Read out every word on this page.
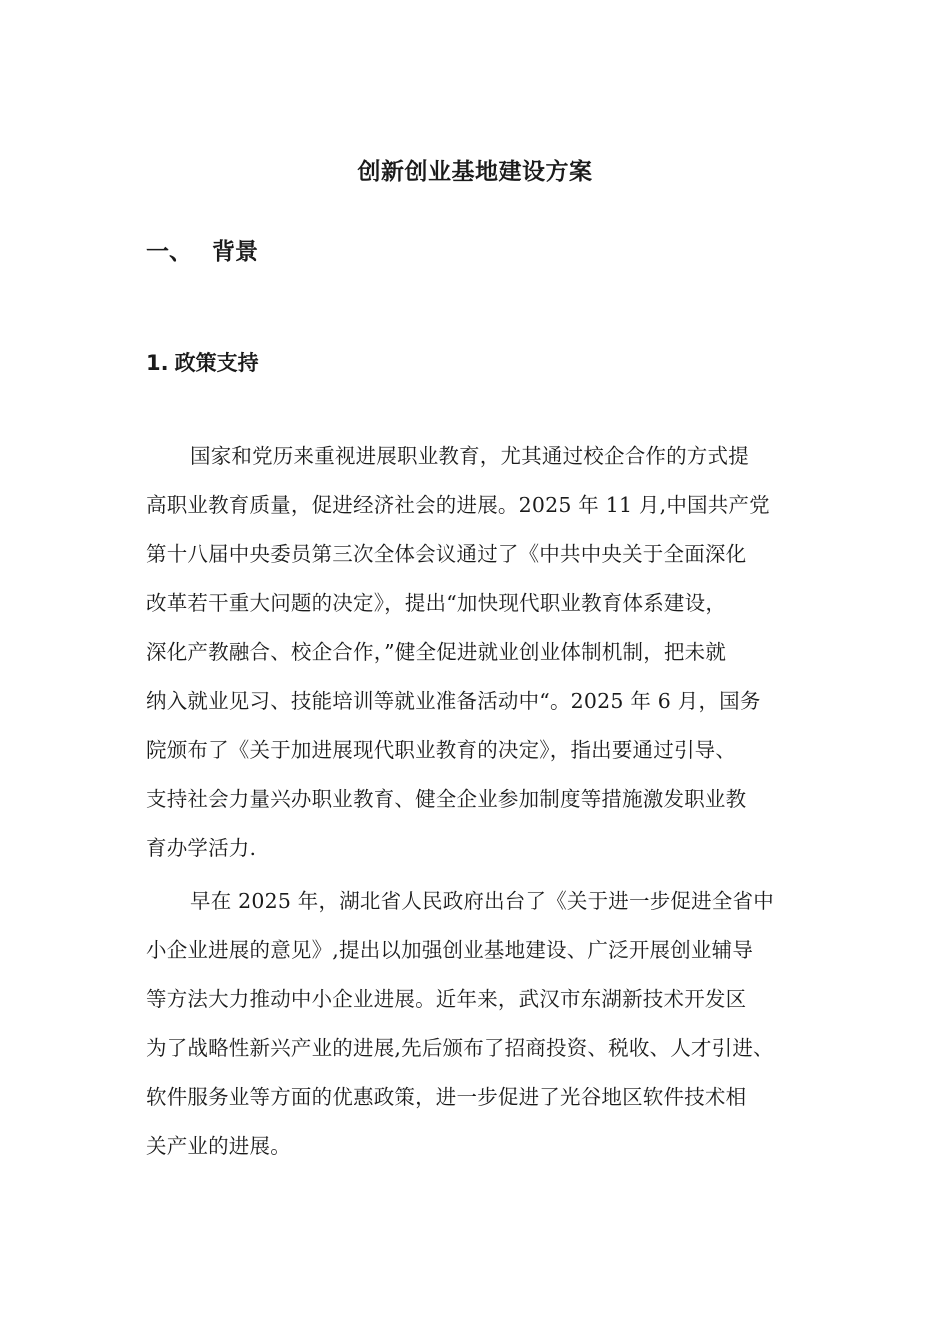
创新创业基地建设方案
一、 背景
1. 政策支持
国家和党历来重视进展职业教育，尤其通过校企合作的方式提
高职业教育质量，促进经济社会的进展。2025 年 11 月,中国共产党
第十八届中央委员第三次全体会议通过了《中共中央关于全面深化
改革若干重大问题的决定》，提出“加快现代职业教育体系建设，
深化产教融合、校企合作，”健全促进就业创业体制机制，把未就
纳入就业见习、技能培训等就业准备活动中“。2025 年 6 月，国务
院颁布了《关于加进展现代职业教育的决定》，指出要通过引导、
支持社会力量兴办职业教育、健全企业参加制度等措施激发职业教
育办学活力.
早在 2025 年，湖北省人民政府出台了《关于进一步促进全省中
小企业进展的意见》,提出以加强创业基地建设、广泛开展创业辅导
等方法大力推动中小企业进展。近年来，武汉市东湖新技术开发区
为了战略性新兴产业的进展,先后颁布了招商投资、税收、人才引进、
软件服务业等方面的优惠政策，进一步促进了光谷地区软件技术相
关产业的进展。
